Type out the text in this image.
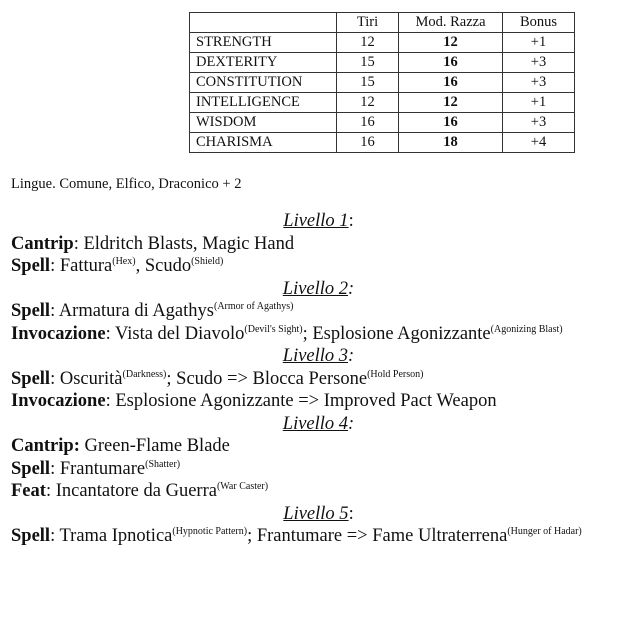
	Tiri	Mod. Razza	Bonus
STRENGTH	12	12	+1
DEXTERITY	15	16	+3
CONSTITUTION	15	16	+3
INTELLIGENCE	12	12	+1
WISDOM	16	16	+3
CHARISMA	16	18	+4
Lingue. Comune, Elfico, Draconico + 2
Livello 1:
Cantrip: Eldritch Blasts, Magic Hand
Spell: Fattura$^{(Hex)}$, Scudo$^{(Shield)}$
Livello 2:
Spell: Armatura di Agathys$^{(Armor of Agathys)}$
Invocazione: Vista del Diavolo$^{(Devil's Sight)}$; Esplosione Agonizzante$^{(Agonizing Blast)}$
Livello 3:
Spell: Oscurità$^{(Darkness)}$; Scudo => Blocca Persone$^{(Hold Person)}$
Invocazione: Esplosione Agonizzante => Improved Pact Weapon
Livello 4:
Cantrip: Green-Flame Blade
Spell: Frantumare$^{(Shatter)}$
Feat: Incantatore da Guerra$^{(War Caster)}$
Livello 5:
Spell: Trama Ipnotica$^{(Hypnotic Pattern)}$; Frantumare => Fame Ultraterrena$^{(Hunger of Hadar)}$
